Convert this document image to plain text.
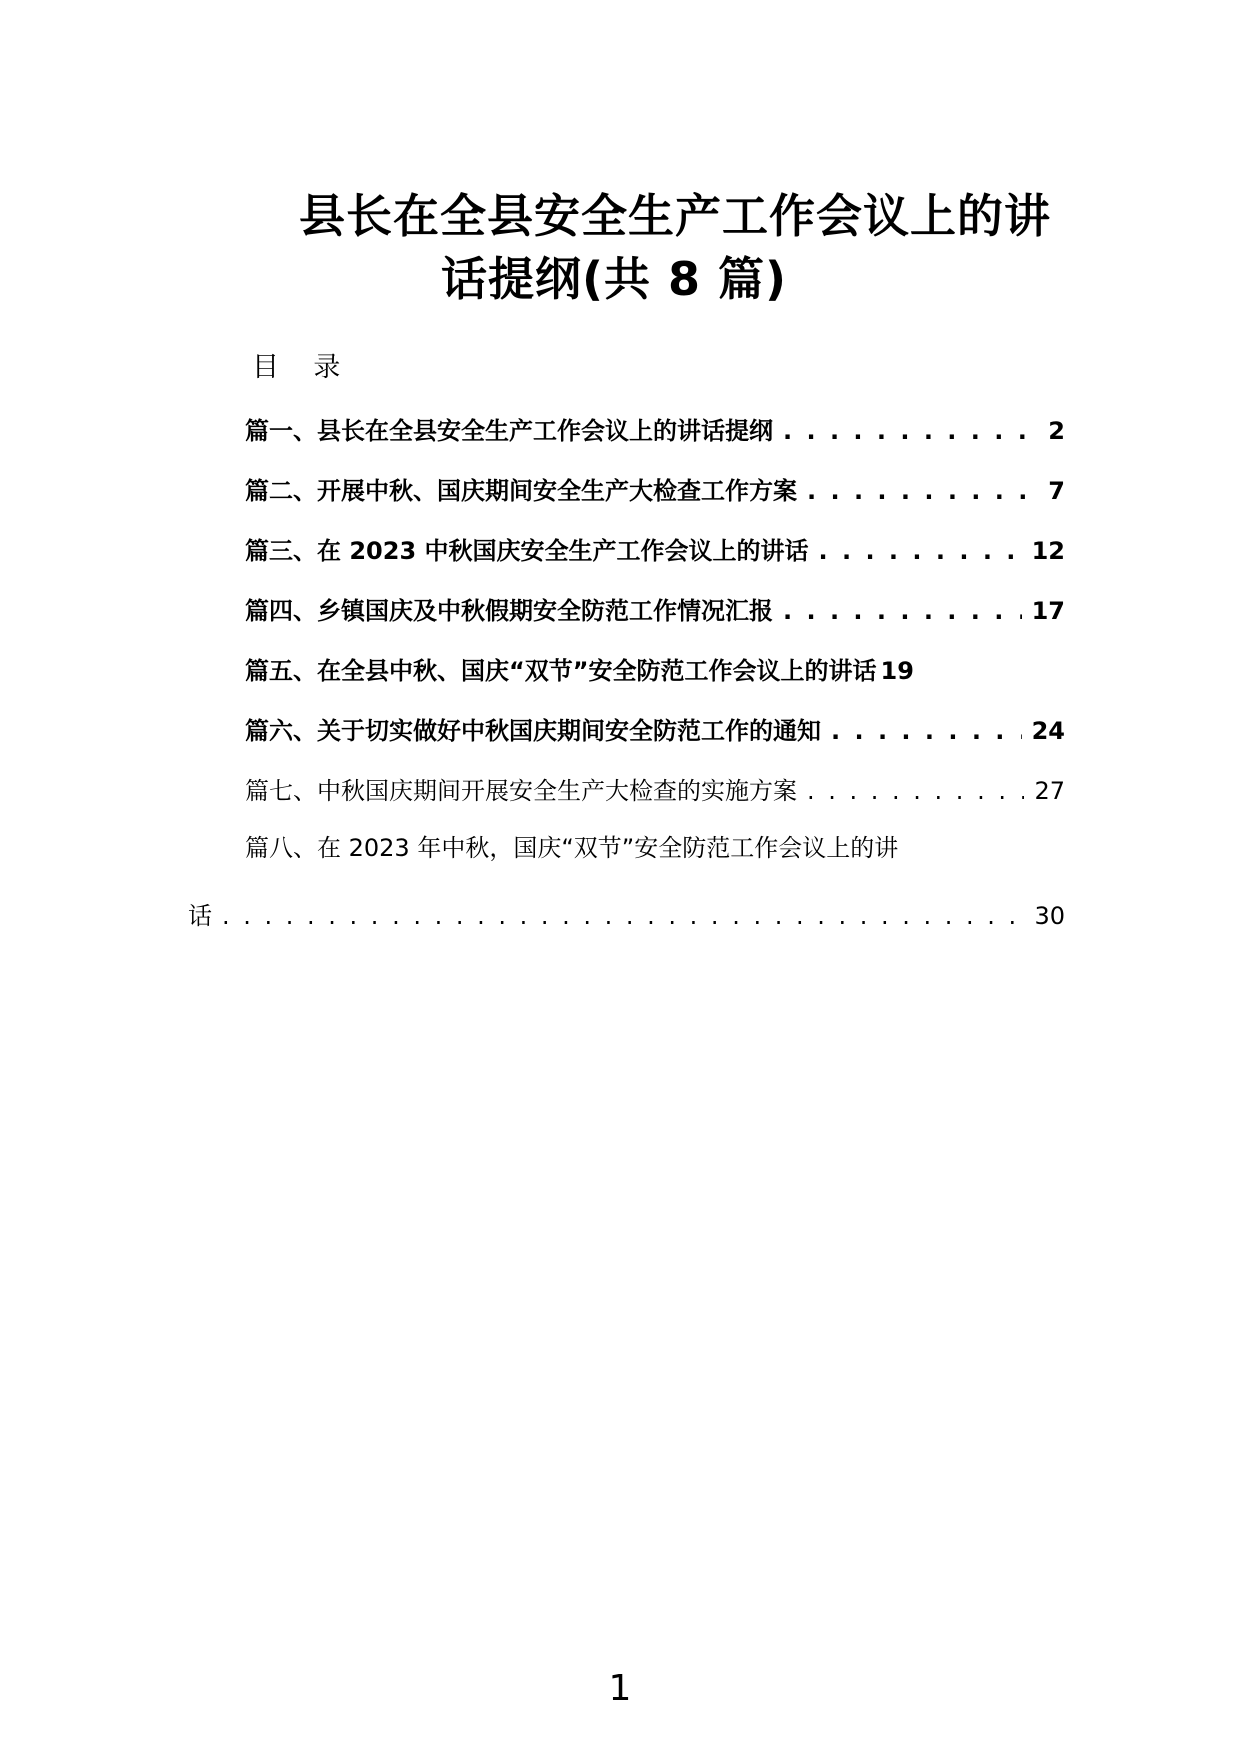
县长在全县安全生产工作会议上的讲
话提纲(共 8 篇)
目    录
篇一、县长在全县安全生产工作会议上的讲话提纲 . . .	2
篇二、开展中秋、国庆期间安全生产大检查工作方案 . . .	7
篇三、在 2023 中秋国庆安全生产工作会议上的讲话 . . .	12
篇四、乡镇国庆及中秋假期安全防范工作情况汇报 . . .	17
篇五、在全县中秋、国庆“双节”安全防范工作会议上的讲话 19
篇六、关于切实做好中秋国庆期间安全防范工作的通知 . . .	24
篇七、中秋国庆期间开展安全生产大检查的实施方案 . . .	27
篇八、在 2023 年中秋，国庆“双节”安全防范工作会议上的讲
话 . . .	30
1
